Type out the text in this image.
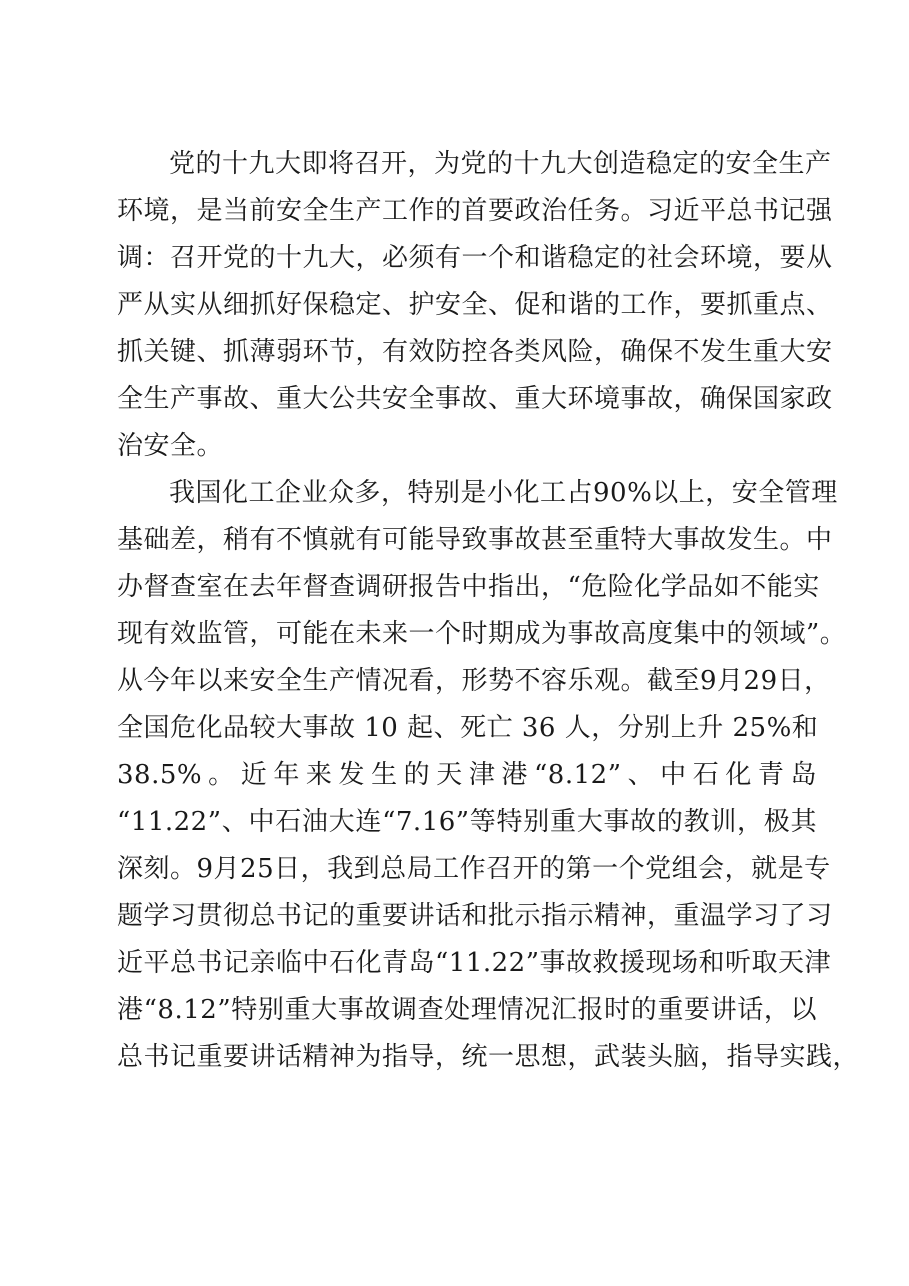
党的十九大即将召开，为党的十九大创造稳定的安全生产
环境，是当前安全生产工作的首要政治任务。习近平总书记强
调：召开党的十九大，必须有一个和谐稳定的社会环境，要从
严从实从细抓好保稳定、护安全、促和谐的工作，要抓重点、
抓关键、抓薄弱环节，有效防控各类风险，确保不发生重大安
全生产事故、重大公共安全事故、重大环境事故，确保国家政
治安全。
我国化工企业众多，特别是小化工占90%以上，安全管理
基础差，稍有不慎就有可能导致事故甚至重特大事故发生。中
办督查室在去年督查调研报告中指出，“危险化学品如不能实
现有效监管，可能在未来一个时期成为事故高度集中的领域”。
从今年以来安全生产情况看，形势不容乐观。截至9月29日，
全国危化品较大事故 10 起、死亡 36 人，分别上升 25%和
38.5%。近年来发生的天津港“8.12”、中石化青岛
“11.22”、中石油大连“7.16”等特别重大事故的教训，极其
深刻。9月25日，我到总局工作召开的第一个党组会，就是专
题学习贯彻总书记的重要讲话和批示指示精神，重温学习了习
近平总书记亲临中石化青岛“11.22”事故救援现场和听取天津
港“8.12”特别重大事故调查处理情况汇报时的重要讲话，以
总书记重要讲话精神为指导，统一思想，武装头脑，指导实践，
